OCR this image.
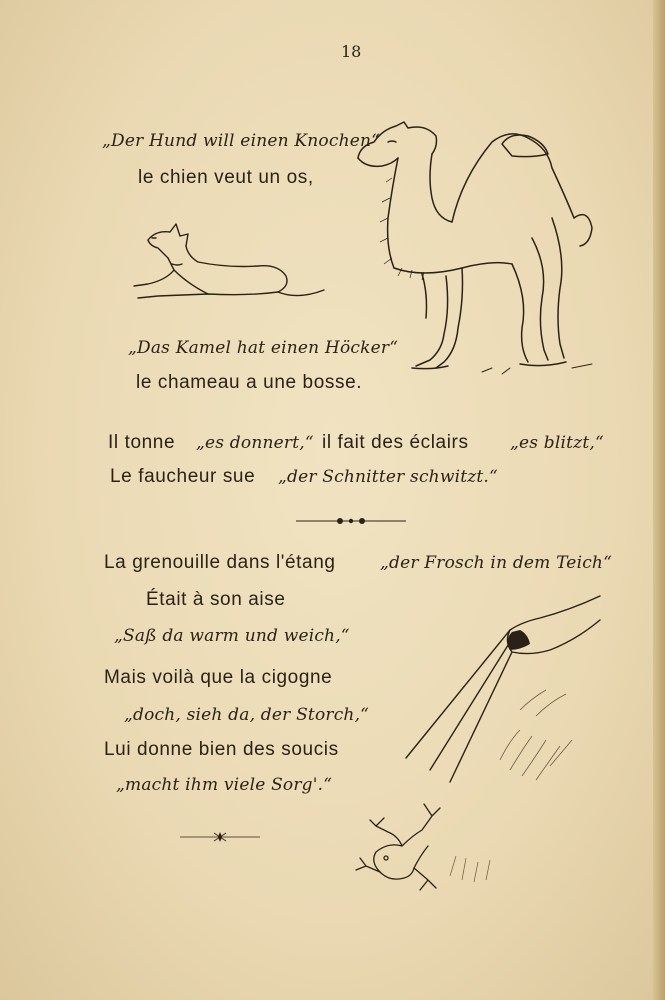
18
„Der Hund will einen Knochen“
le chien veut un os,
„Das Kamel hat einen Höcker“
le chameau a une bosse.
Il tonne „es donnert,“ il fait des éclairs „es blitzt,“
Le faucheur sue „der Schnitter schwitzt.“
La grenouille dans l'étang	„der Frosch in dem Teich“
Était à son aise
„Saß da warm und weich,“
Mais voilà que la cigogne
„doch, sieh da, der Storch,“
Lui donne bien des soucis
„macht ihm viele Sorg'.“
